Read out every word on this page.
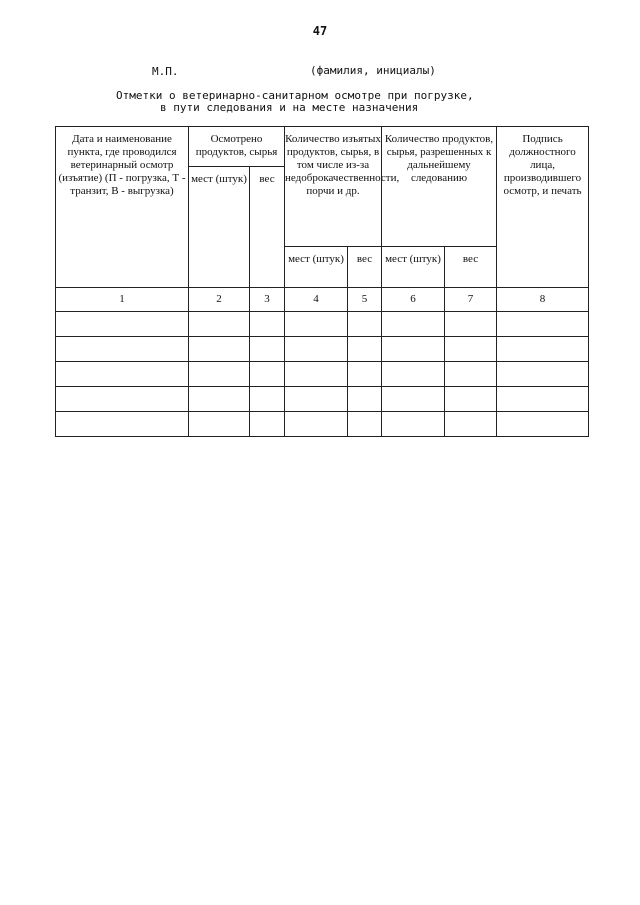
47
М.П.	(фамилия, инициалы)
Отметки о ветеринарно-санитарном осмотре при погрузке,
в пути следования и на месте назначения
Дата и наименование пункта, где проводился ветеринарный осмотр (изъятие) (П - погрузка, Т - транзит, В - выгрузка)	Осмотрено продуктов, сырья		Количество изъятых продуктов, сырья, в том числе из-за недоброкачественности, порчи и др.		Количество продуктов, сырья, разрешенных к дальнейшему следованию		Подпись должностного лица, производившего осмотр, и печать
	мест (штук)	вес					
			мест (штук)	вес	мест (штук)	вес	
1	2	3	4	5	6	7	8
